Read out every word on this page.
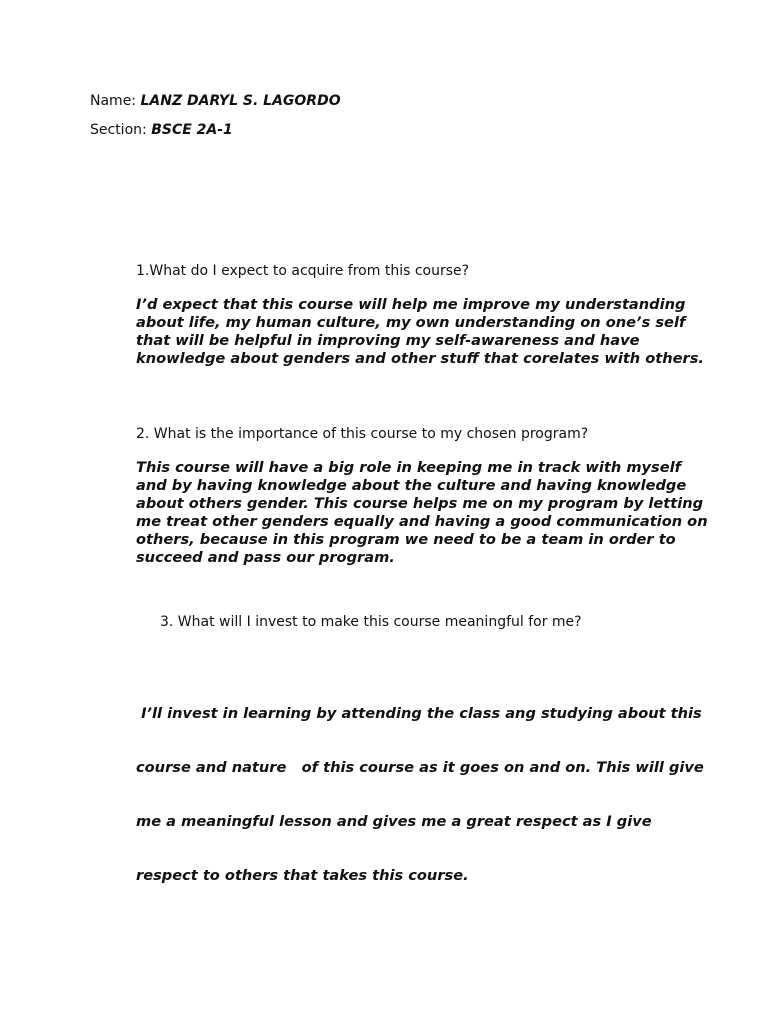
Name: LANZ DARYL S. LAGORDO
Section: BSCE 2A-1
1.What do I expect to acquire from this course?
I’d expect that this course will help me improve my understanding
about life, my human culture, my own understanding on one’s self
that will be helpful in improving my self-awareness and have
knowledge about genders and other stuff that corelates with others.
2. What is the importance of this course to my chosen program?
This course will have a big role in keeping me in track with myself
and by having knowledge about the culture and having knowledge
about others gender. This course helps me on my program by letting
me treat other genders equally and having a good communication on
others, because in this program we need to be a team in order to
succeed and pass our program.
3. What will I invest to make this course meaningful for me?

I’ll invest in learning by attending the class ang studying about this

course and nature   of this course as it goes on and on. This will give

me a meaningful lesson and gives me a great respect as I give

respect to others that takes this course.
